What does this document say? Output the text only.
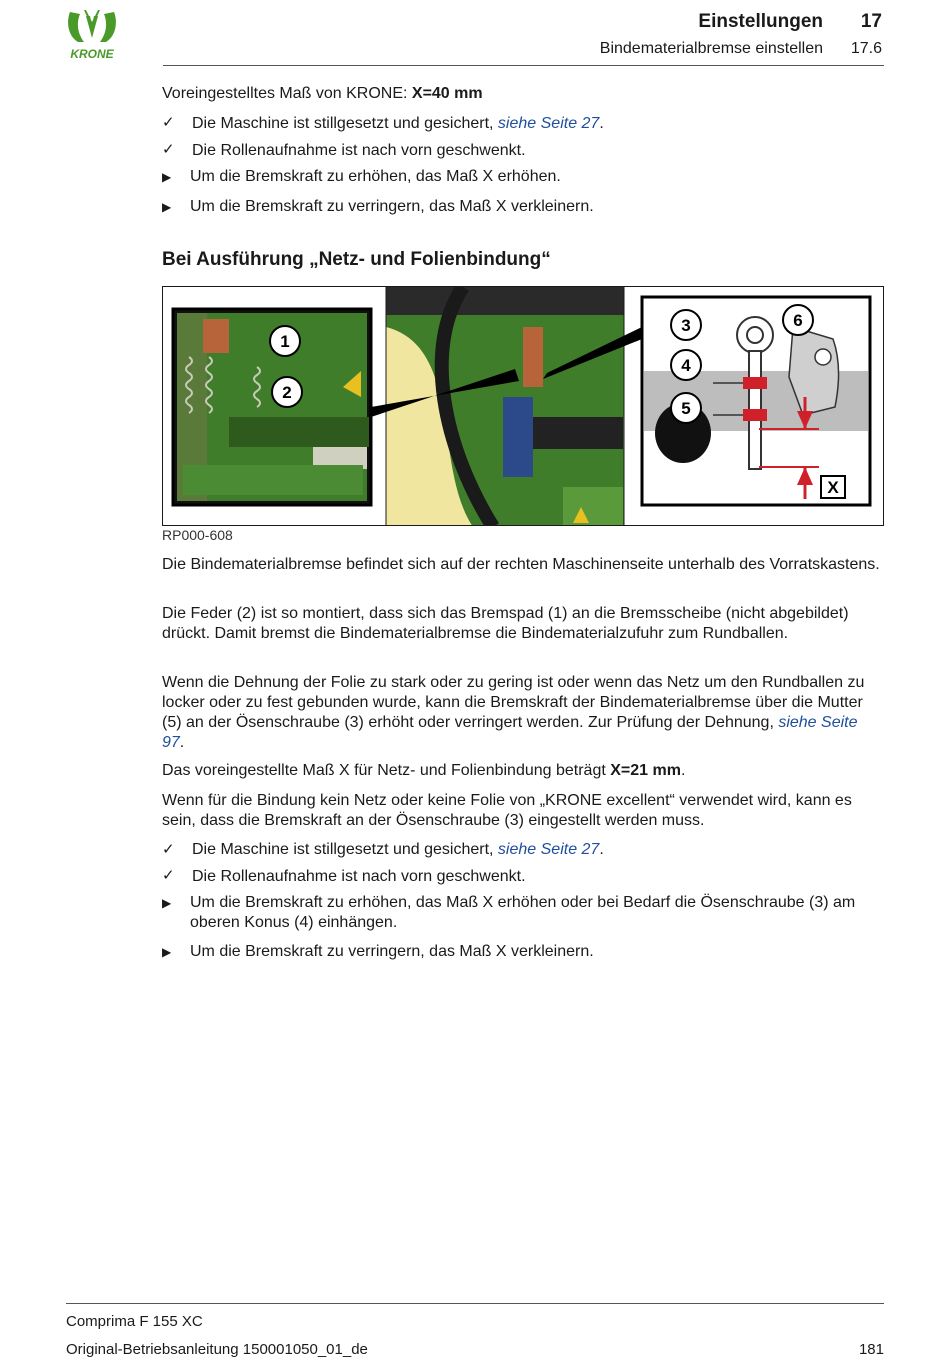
KRONE
Einstellungen 17
Bindematerialbremse einstellen 17.6
Voreingestelltes Maß von KRONE: X=40 mm
✓ Die Maschine ist stillgesetzt und gesichert, siehe Seite 27.
✓ Die Rollenaufnahme ist nach vorn geschwenkt.
▶ Um die Bremskraft zu erhöhen, das Maß X erhöhen.
▶ Um die Bremskraft zu verringern, das Maß X verkleinern.
Bei Ausführung „Netz- und Folienbindung“
1
2
3
4
5
6
X
RP000-608
Die Bindematerialbremse befindet sich auf der rechten Maschinenseite unterhalb des Vorratskastens.
Die Feder (2) ist so montiert, dass sich das Bremspad (1) an die Bremsscheibe (nicht abgebildet) drückt. Damit bremst die Bindematerialbremse die Bindematerialzufuhr zum Rundballen.
Wenn die Dehnung der Folie zu stark oder zu gering ist oder wenn das Netz um den Rundballen zu locker oder zu fest gebunden wurde, kann die Bremskraft der Bindematerialbremse über die Mutter (5) an der Ösenschraube (3) erhöht oder verringert werden. Zur Prüfung der Dehnung, siehe Seite 97.
Das voreingestellte Maß X für Netz- und Folienbindung beträgt X=21 mm.
Wenn für die Bindung kein Netz oder keine Folie von „KRONE excellent“ verwendet wird, kann es sein, dass die Bremskraft an der Ösenschraube (3) eingestellt werden muss.
✓ Die Maschine ist stillgesetzt und gesichert, siehe Seite 27.
✓ Die Rollenaufnahme ist nach vorn geschwenkt.
▶ Um die Bremskraft zu erhöhen, das Maß X erhöhen oder bei Bedarf die Ösenschraube (3) am oberen Konus (4) einhängen.
▶ Um die Bremskraft zu verringern, das Maß X verkleinern.
Comprima F 155 XC
Original-Betriebsanleitung 150001050_01_de	181
